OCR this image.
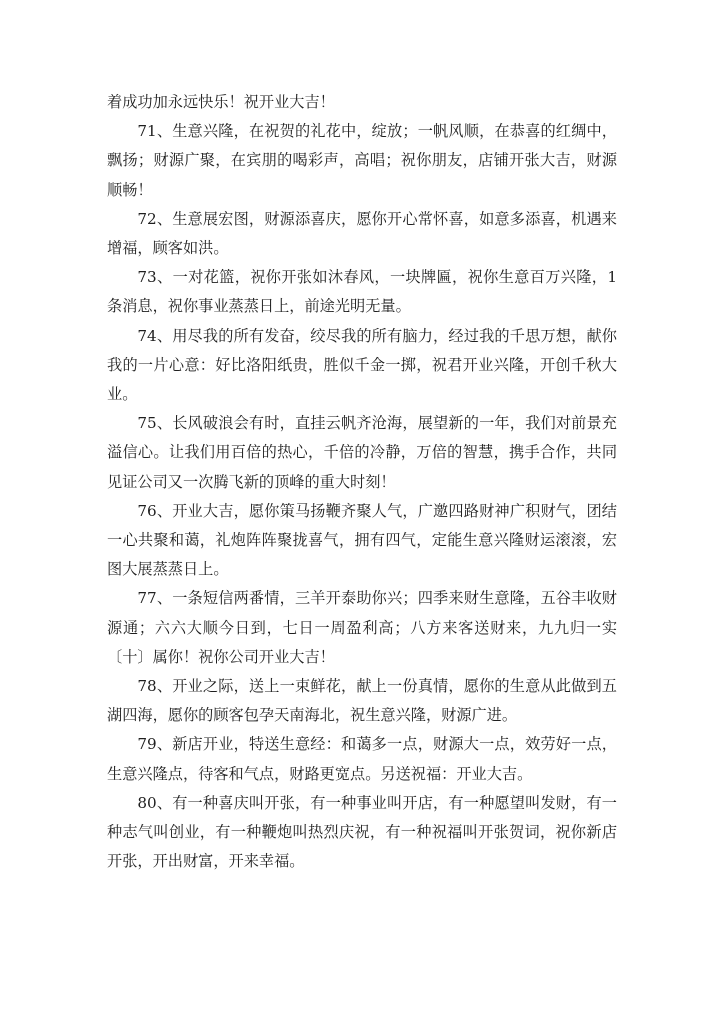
着成功加永远快乐！祝开业大吉！

71、生意兴隆，在祝贺的礼花中，绽放；一帆风顺，在恭喜的红绸中，飘扬；财源广聚，在宾朋的喝彩声，高唱；祝你朋友，店铺开张大吉，财源顺畅！

72、生意展宏图，财源添喜庆，愿你开心常怀喜，如意多添喜，机遇来增福，顾客如洪。

73、一对花篮，祝你开张如沐春风，一块牌匾，祝你生意百万兴隆，1 条消息，祝你事业蒸蒸日上，前途光明无量。

74、用尽我的所有发奋，绞尽我的所有脑力，经过我的千思万想，献你我的一片心意：好比洛阳纸贵，胜似千金一掷，祝君开业兴隆，开创千秋大业。

75、长风破浪会有时，直挂云帆齐沧海，展望新的一年，我们对前景充溢信心。让我们用百倍的热心，千倍的冷静，万倍的智慧，携手合作，共同见证公司又一次腾飞新的顶峰的重大时刻！

76、开业大吉，愿你策马扬鞭齐聚人气，广邀四路财神广积财气，团结一心共聚和蔼，礼炮阵阵聚拢喜气，拥有四气，定能生意兴隆财运滚滚，宏图大展蒸蒸日上。

77、一条短信两番情，三羊开泰助你兴；四季来财生意隆，五谷丰收财源通；六六大顺今日到，七日一周盈利高；八方来客送财来，九九归一实〔十〕属你！祝你公司开业大吉！

78、开业之际，送上一束鲜花，献上一份真情，愿你的生意从此做到五湖四海，愿你的顾客包孕天南海北，祝生意兴隆，财源广进。

79、新店开业，特送生意经：和蔼多一点，财源大一点，效劳好一点，生意兴隆点，待客和气点，财路更宽点。另送祝福：开业大吉。

80、有一种喜庆叫开张，有一种事业叫开店，有一种愿望叫发财，有一种志气叫创业，有一种鞭炮叫热烈庆祝，有一种祝福叫开张贺词，祝你新店开张，开出财富，开来幸福。
